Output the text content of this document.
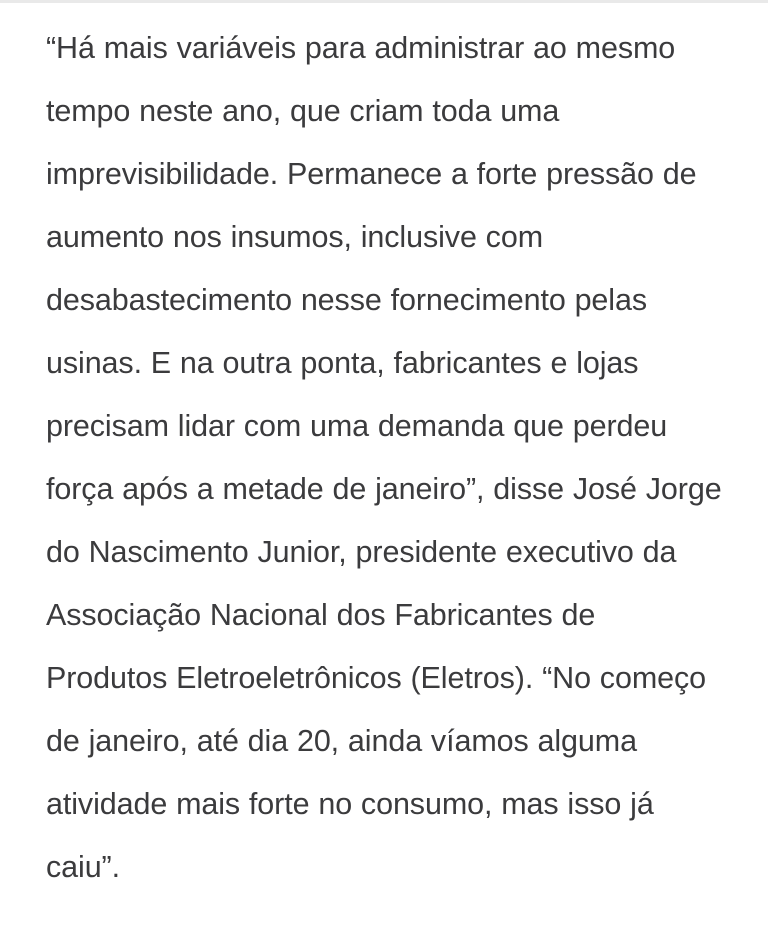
“Há mais variáveis para administrar ao mesmo tempo neste ano, que criam toda uma imprevisibilidade. Permanece a forte pressão de aumento nos insumos, inclusive com desabastecimento nesse fornecimento pelas usinas. E na outra ponta, fabricantes e lojas precisam lidar com uma demanda que perdeu força após a metade de janeiro”, disse José Jorge do Nascimento Junior, presidente executivo da Associação Nacional dos Fabricantes de Produtos Eletroeletrônicos (Eletros). “No começo de janeiro, até dia 20, ainda víamos alguma atividade mais forte no consumo, mas isso já caiu”.
